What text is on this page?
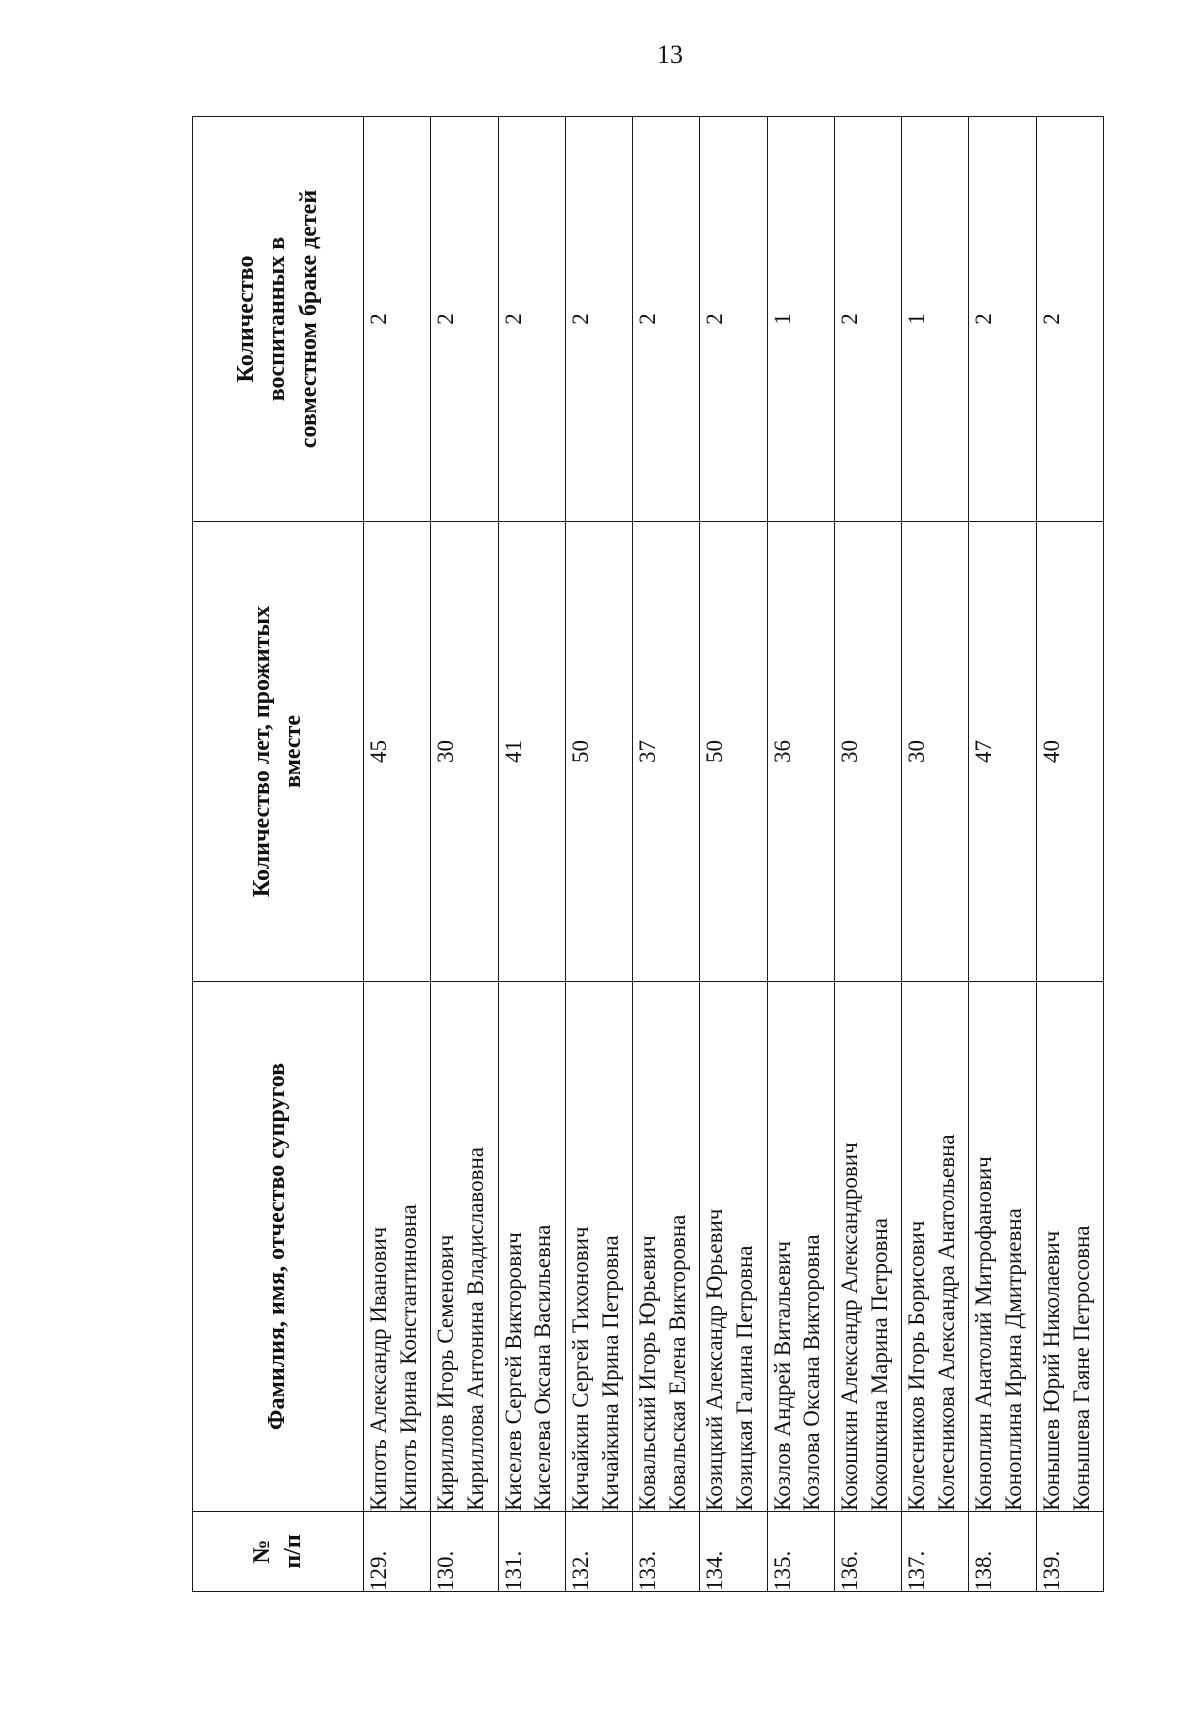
13
№ п/п	Фамилия, имя, отчество супругов	Количество лет, прожитых вместе	Количество воспитанных в совместном браке детей

129.	Кипоть Александр Иванович Кипоть Ирина Константиновна	45	2
130.	Кириллов Игорь Семенович Кириллова Антонина Владиславовна	30	2
131.	Киселев Сергей Викторович Киселева Оксана Васильевна	41	2
132.	Кичайкин Сергей Тихонович Кичайкина Ирина Петровна	50	2
133.	Ковальский Игорь Юрьевич Ковальская Елена Викторовна	37	2
134.	Козицкий Александр Юрьевич Козицкая Галина Петровна	50	2
135.	Козлов Андрей Витальевич Козлова Оксана Викторовна	36	1
136.	Кокошкин Александр Александрович Кокошкина Марина Петровна	30	2
137.	Колесников Игорь Борисович Колесникова Александра Анатольевна	30	1
138.	Коноплин Анатолий Митрофанович Коноплина Ирина Дмитриевна	47	2
139.	Конышев Юрий Николаевич Конышева Гаяне Петросовна	40	2
